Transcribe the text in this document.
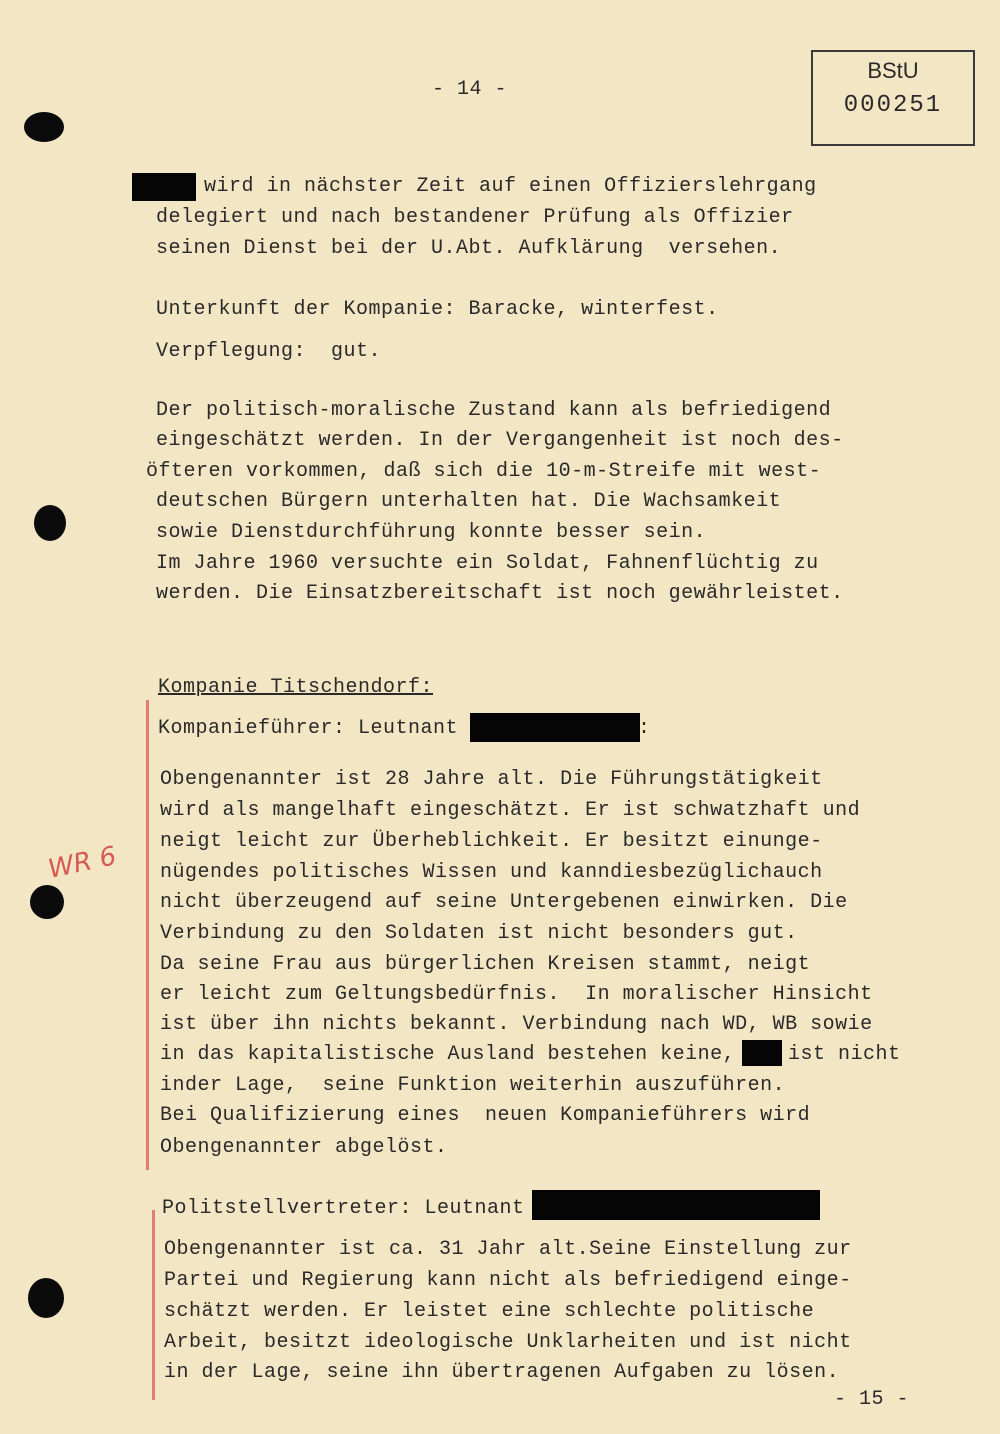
WR 6
- 14 -
BStU
000251
wird in nächster Zeit auf einen Offizierslehrgang
delegiert und nach bestandener Prüfung als Offizier
seinen Dienst bei der U.Abt. Aufklärung  versehen.
Unterkunft der Kompanie: Baracke, winterfest.
Verpflegung:  gut.
Der politisch-moralische Zustand kann als befriedigend
eingeschätzt werden. In der Vergangenheit ist noch des-
öfteren vorkommen, daß sich die 10-m-Streife mit west-
deutschen Bürgern unterhalten hat. Die Wachsamkeit
sowie Dienstdurchführung konnte besser sein.
Im Jahre 1960 versuchte ein Soldat, Fahnenflüchtig zu
werden. Die Einsatzbereitschaft ist noch gewährleistet.
Kompanie Titschendorf:
Kompanieführer: Leutnant	:
Obengenannter ist 28 Jahre alt. Die Führungstätigkeit
wird als mangelhaft eingeschätzt. Er ist schwatzhaft und
neigt leicht zur Überheblichkeit. Er besitzt einunge-
nügendes politisches Wissen und kanndiesbezüglichauch
nicht überzeugend auf seine Untergebenen einwirken. Die
Verbindung zu den Soldaten ist nicht besonders gut.
Da seine Frau aus bürgerlichen Kreisen stammt, neigt
er leicht zum Geltungsbedürfnis.  In moralischer Hinsicht
ist über ihn nichts bekannt. Verbindung nach WD, WB sowie
in das kapitalistische Ausland bestehen keine,	ist nicht
inder Lage,  seine Funktion weiterhin auszuführen.
Bei Qualifizierung eines  neuen Kompanieführers wird
Obengenannter abgelöst.
Politstellvertreter: Leutnant
Obengenannter ist ca. 31 Jahr alt.Seine Einstellung zur
Partei und Regierung kann nicht als befriedigend einge-
schätzt werden. Er leistet eine schlechte politische
Arbeit, besitzt ideologische Unklarheiten und ist nicht
in der Lage, seine ihn übertragenen Aufgaben zu lösen.
- 15 -
